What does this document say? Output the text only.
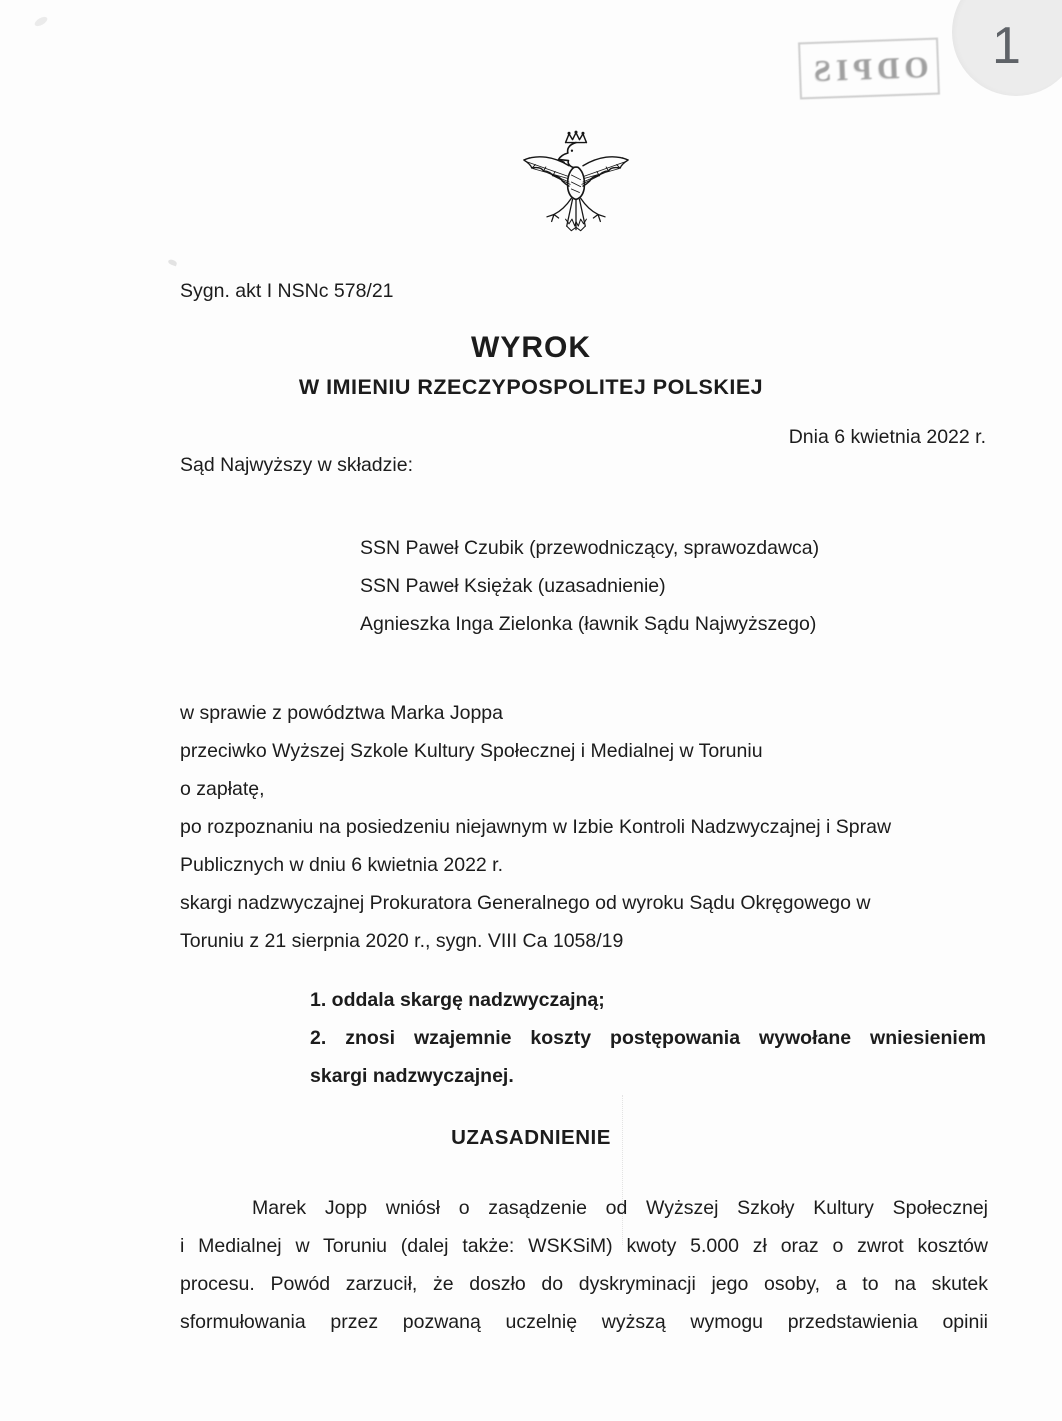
1
ODPIS
Sygn. akt I NSNc 578/21
WYROK
W IMIENIU RZECZYPOSPOLITEJ POLSKIEJ
Dnia 6 kwietnia 2022 r.
Sąd Najwyższy w składzie:
SSN Paweł Czubik (przewodniczący, sprawozdawca)
SSN Paweł Księżak (uzasadnienie)
Agnieszka Inga Zielonka (ławnik Sądu Najwyższego)
w sprawie z powództwa Marka Joppa
przeciwko Wyższej Szkole Kultury Społecznej i Medialnej w Toruniu
o zapłatę,
po rozpoznaniu na posiedzeniu niejawnym w Izbie Kontroli Nadzwyczajnej i Spraw
Publicznych w dniu 6 kwietnia 2022 r.
skargi nadzwyczajnej Prokuratora Generalnego od wyroku Sądu Okręgowego w
Toruniu z 21 sierpnia 2020 r., sygn. VIII Ca 1058/19
1. oddala skargę nadzwyczajną;
2. znosi wzajemnie koszty postępowania wywołane wniesieniem
skargi nadzwyczajnej.
UZASADNIENIE
Marek Jopp wniósł o zasądzenie od Wyższej Szkoły Kultury Społecznej
i Medialnej w Toruniu (dalej także: WSKSiM) kwoty 5.000 zł oraz o zwrot kosztów
procesu. Powód zarzucił, że doszło do dyskryminacji jego osoby, a to na skutek
sformułowania przez pozwaną uczelnię wyższą wymogu przedstawienia opinii
